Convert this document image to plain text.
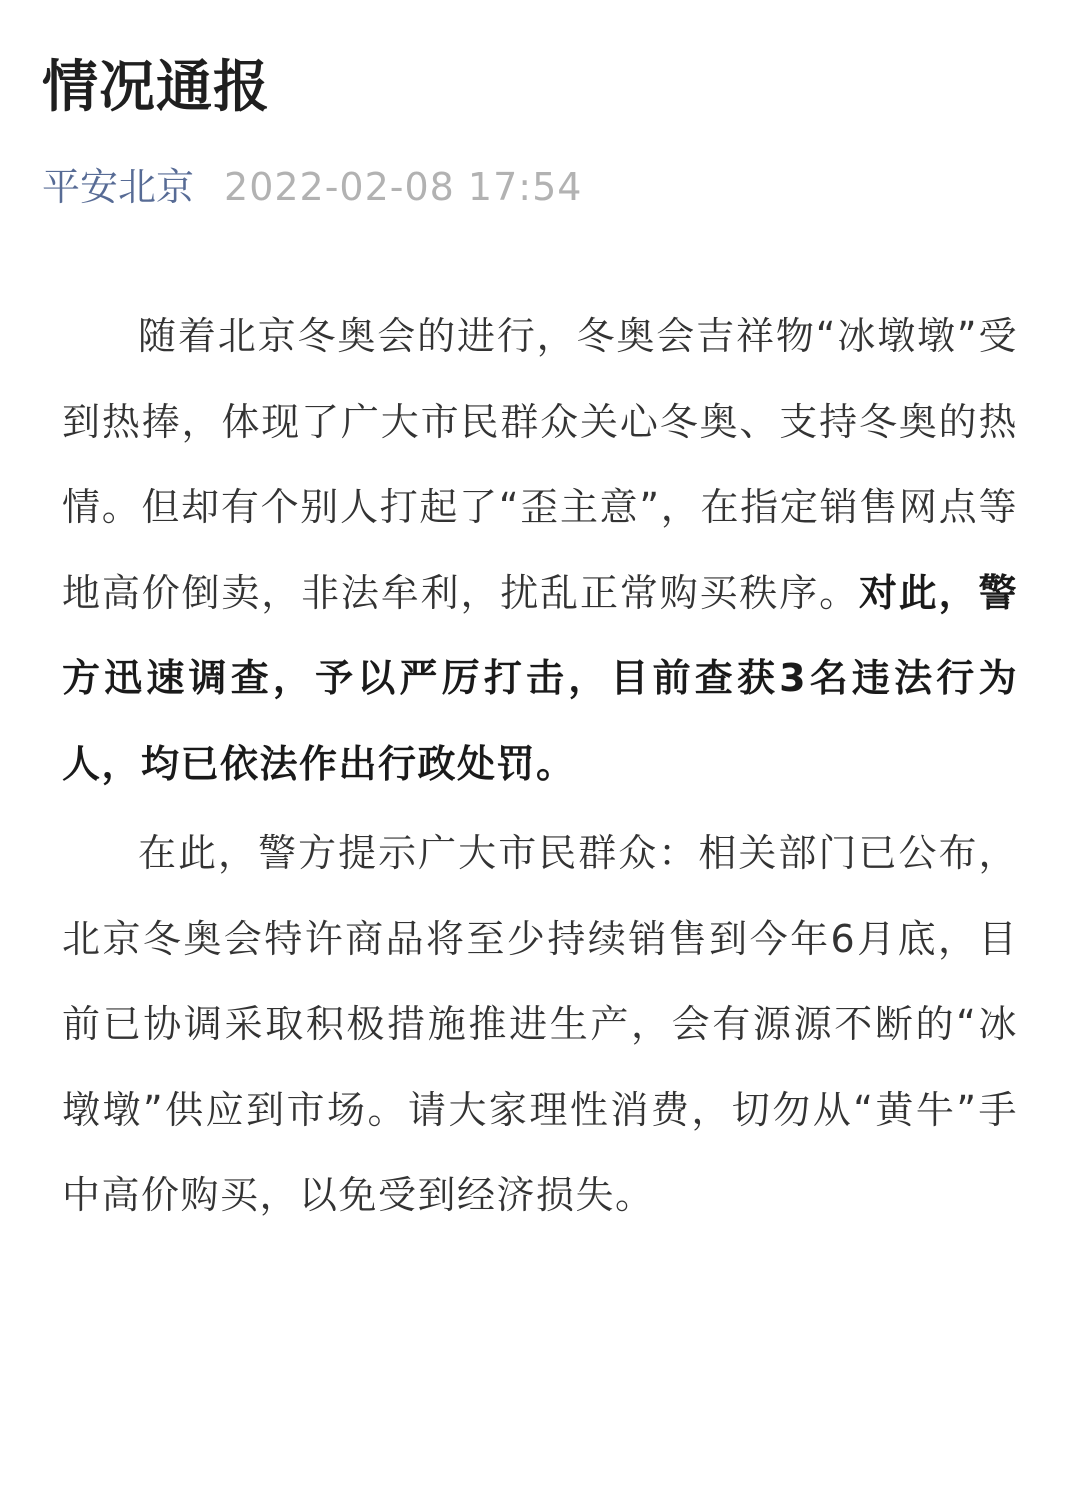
情况通报
平安北京 2022-02-08 17:54

随着北京冬奥会的进行，冬奥会吉祥物“冰墩墩”受到热捧，体现了广大市民群众关心冬奥、支持冬奥的热情。但却有个别人打起了“歪主意”，在指定销售网点等地高价倒卖，非法牟利，扰乱正常购买秩序。对此，警方迅速调查，予以严厉打击，目前查获3名违法行为人，均已依法作出行政处罚。

在此，警方提示广大市民群众：相关部门已公布，北京冬奥会特许商品将至少持续销售到今年6月底，目前已协调采取积极措施推进生产，会有源源不断的“冰墩墩”供应到市场。请大家理性消费，切勿从“黄牛”手中高价购买，以免受到经济损失。
